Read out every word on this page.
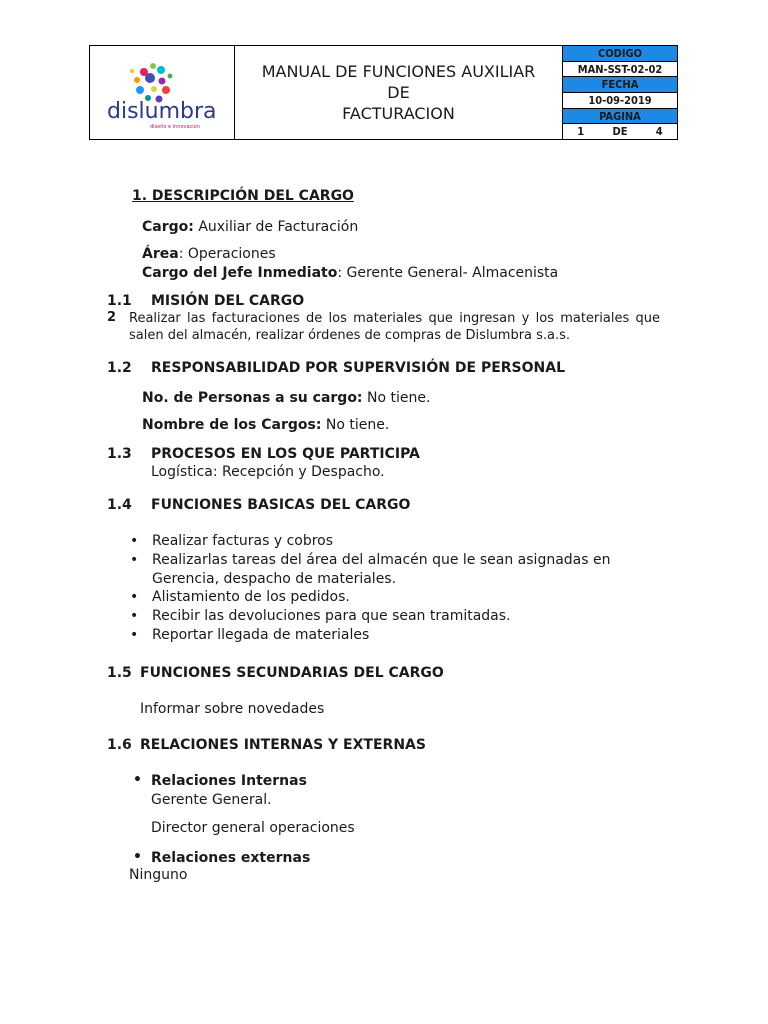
dislumbra
diseño e innovación
MANUAL DE FUNCIONES AUXILIAR DE
FACTURACION
CODIGO
MAN-SST-02-02
FECHA
10-09-2019
PAGINA
1   DE   4
1. DESCRIPCIÓN DEL CARGO
Cargo: Auxiliar de Facturación
Área: Operaciones
Cargo del Jefe Inmediato: Gerente General- Almacenista
1.1 MISIÓN DEL CARGO
2 Realizar las facturaciones de los materiales que ingresan y los materiales que salen del almacén, realizar órdenes de compras de Dislumbra s.a.s.
1.2 RESPONSABILIDAD POR SUPERVISIÓN DE PERSONAL
No. de Personas a su cargo: No tiene.
Nombre de los Cargos: No tiene.
1.3 PROCESOS EN LOS QUE PARTICIPA
Logística: Recepción y Despacho.
1.4 FUNCIONES BASICAS DEL CARGO
• Realizar facturas y cobros
• Realizarlas tareas del área del almacén que le sean asignadas en Gerencia, despacho de materiales.
• Alistamiento de los pedidos.
• Recibir las devoluciones para que sean tramitadas.
• Reportar llegada de materiales
1.5 FUNCIONES SECUNDARIAS DEL CARGO
Informar sobre novedades
1.6 RELACIONES INTERNAS Y EXTERNAS
• Relaciones Internas
Gerente General.
Director general operaciones
• Relaciones externas
Ninguno
